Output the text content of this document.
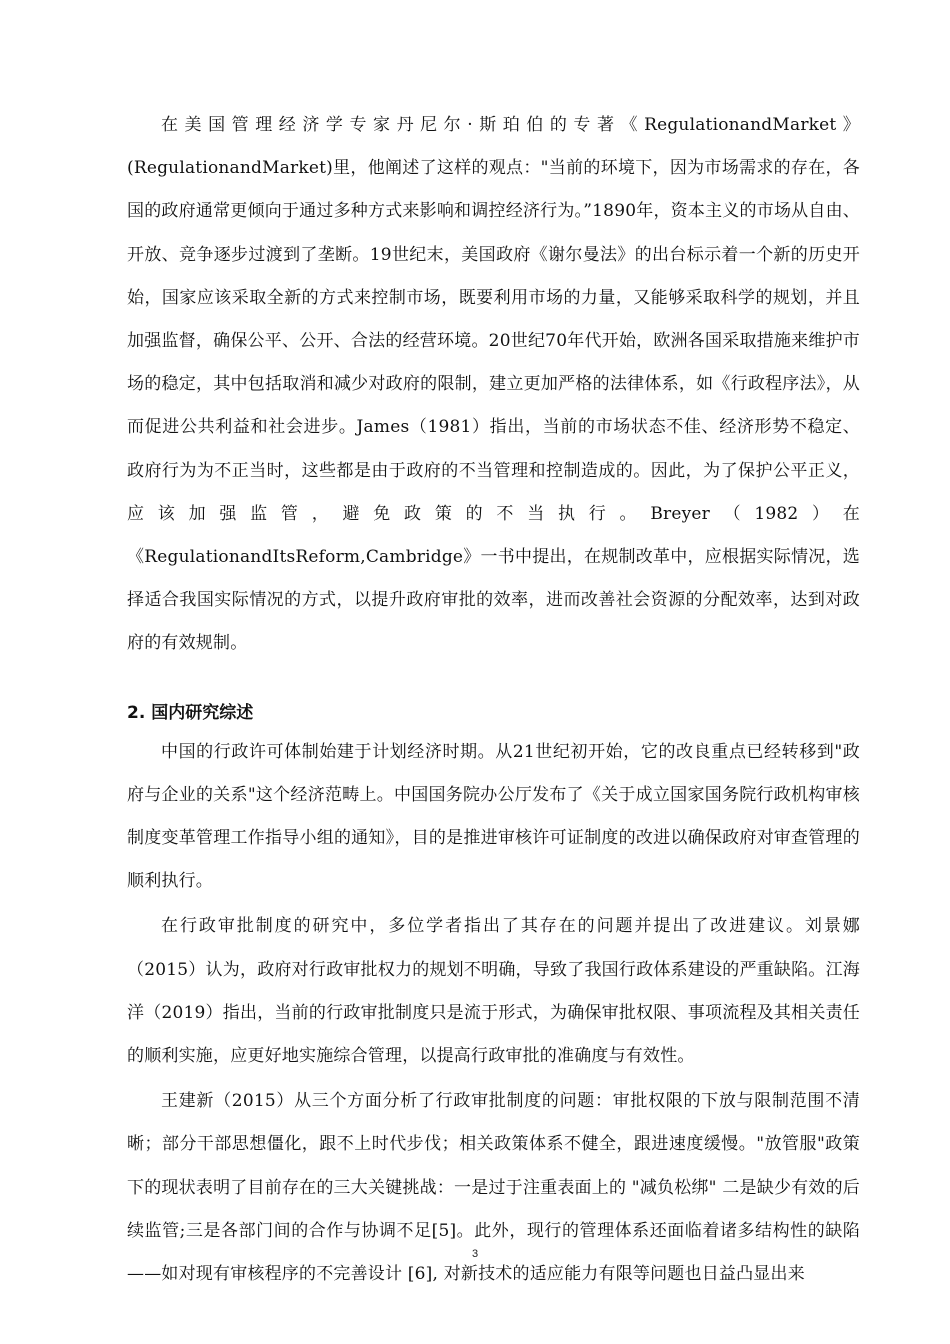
在美国管理经济学专家丹尼尔·斯珀伯的专著《RegulationandMarket》(RegulationandMarket)里，他阐述了这样的观点："当前的环境下，因为市场需求的存在，各国的政府通常更倾向于通过多种方式来影响和调控经济行为。”1890年，资本主义的市场从自由、开放、竞争逐步过渡到了垄断。19世纪末，美国政府《谢尔曼法》的出台标示着一个新的历史开始，国家应该采取全新的方式来控制市场，既要利用市场的力量，又能够采取科学的规划，并且加强监督，确保公平、公开、合法的经营环境。20世纪70年代开始，欧洲各国采取措施来维护市场的稳定，其中包括取消和减少对政府的限制，建立更加严格的法律体系，如《行政程序法》，从而促进公共利益和社会进步。James（1981）指出，当前的市场状态不佳、经济形势不稳定、政府行为为不正当时，这些都是由于政府的不当管理和控制造成的。因此，为了保护公平正义，应该加强监管，避免政策的不当执行。Breyer（1982）在《RegulationandItsReform,Cambridge》一书中提出，在规制改革中，应根据实际情况，选择适合我国实际情况的方式，以提升政府审批的效率，进而改善社会资源的分配效率，达到对政府的有效规制。

2. 国内研究综述

中国的行政许可体制始建于计划经济时期。从21世纪初开始，它的改良重点已经转移到"政府与企业的关系"这个经济范畴上。中国国务院办公厅发布了《关于成立国家国务院行政机构审核制度变革管理工作指导小组的通知》，目的是推进审核许可证制度的改进以确保政府对审查管理的顺利执行。

在行政审批制度的研究中，多位学者指出了其存在的问题并提出了改进建议。刘景娜（2015）认为，政府对行政审批权力的规划不明确，导致了我国行政体系建设的严重缺陷。江海洋（2019）指出，当前的行政审批制度只是流于形式，为确保审批权限、事项流程及其相关责任的顺利实施，应更好地实施综合管理，以提高行政审批的准确度与有效性。

王建新（2015）从三个方面分析了行政审批制度的问题：审批权限的下放与限制范围不清晰；部分干部思想僵化，跟不上时代步伐；相关政策体系不健全，跟进速度缓慢。"放管服"政策下的现状表明了目前存在的三大关键挑战：一是过于注重表面上的 "减负松绑" 二是缺少有效的后续监管;三是各部门间的合作与协调不足[5]。此外，现行的管理体系还面临着诸多结构性的缺陷——如对现有审核程序的不完善设计 [6], 对新技术的适应能力有限等问题也日益凸显出来

3
